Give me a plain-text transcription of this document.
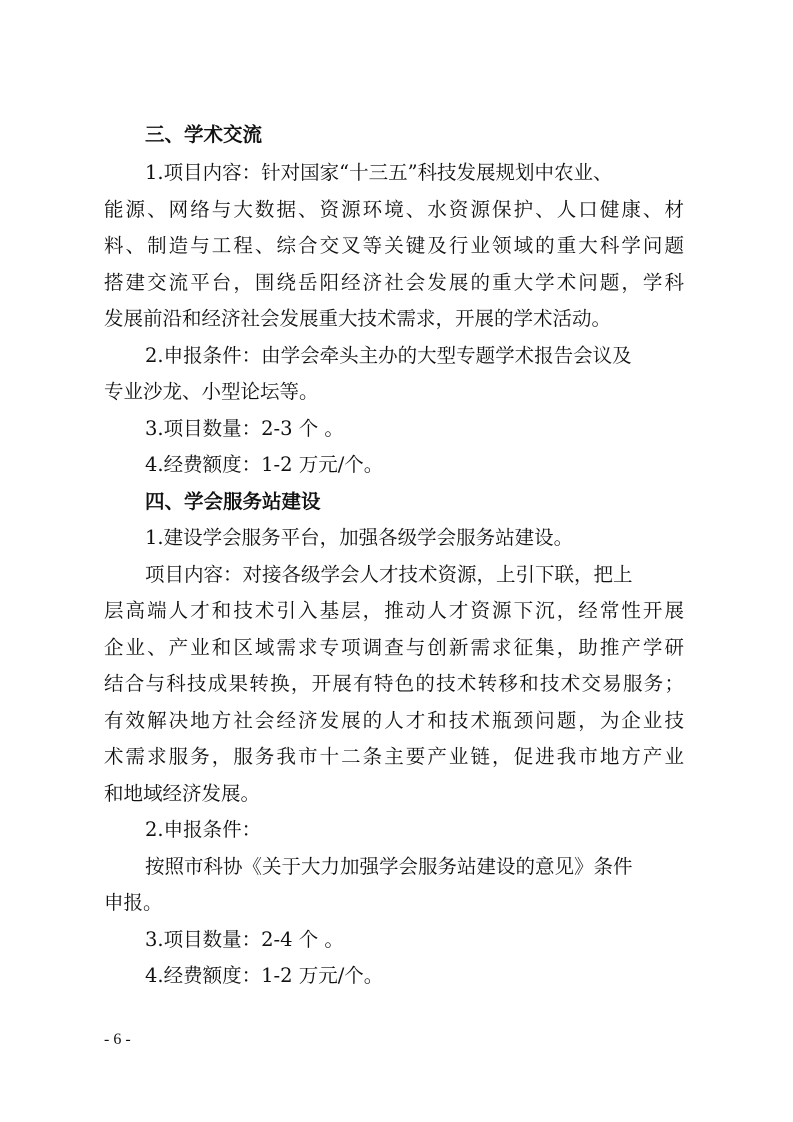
三、学术交流
1.项目内容：针对国家“十三五”科技发展规划中农业、
能源、网络与大数据、资源环境、水资源保护、人口健康、材
料、制造与工程、综合交叉等关键及行业领域的重大科学问题
搭建交流平台，围绕岳阳经济社会发展的重大学术问题，学科
发展前沿和经济社会发展重大技术需求，开展的学术活动。
2.申报条件：由学会牵头主办的大型专题学术报告会议及
专业沙龙、小型论坛等。
3.项目数量：2-3 个 。
4.经费额度：1-2 万元/个。
四、学会服务站建设
1.建设学会服务平台，加强各级学会服务站建设。
项目内容：对接各级学会人才技术资源，上引下联，把上
层高端人才和技术引入基层，推动人才资源下沉，经常性开展
企业、产业和区域需求专项调查与创新需求征集，助推产学研
结合与科技成果转换，开展有特色的技术转移和技术交易服务；
有效解决地方社会经济发展的人才和技术瓶颈问题，为企业技
术需求服务，服务我市十二条主要产业链，促进我市地方产业
和地域经济发展。
2.申报条件：
按照市科协《关于大力加强学会服务站建设的意见》条件
申报。
3.项目数量：2-4 个 。
4.经费额度：1-2 万元/个。
- 6 -
